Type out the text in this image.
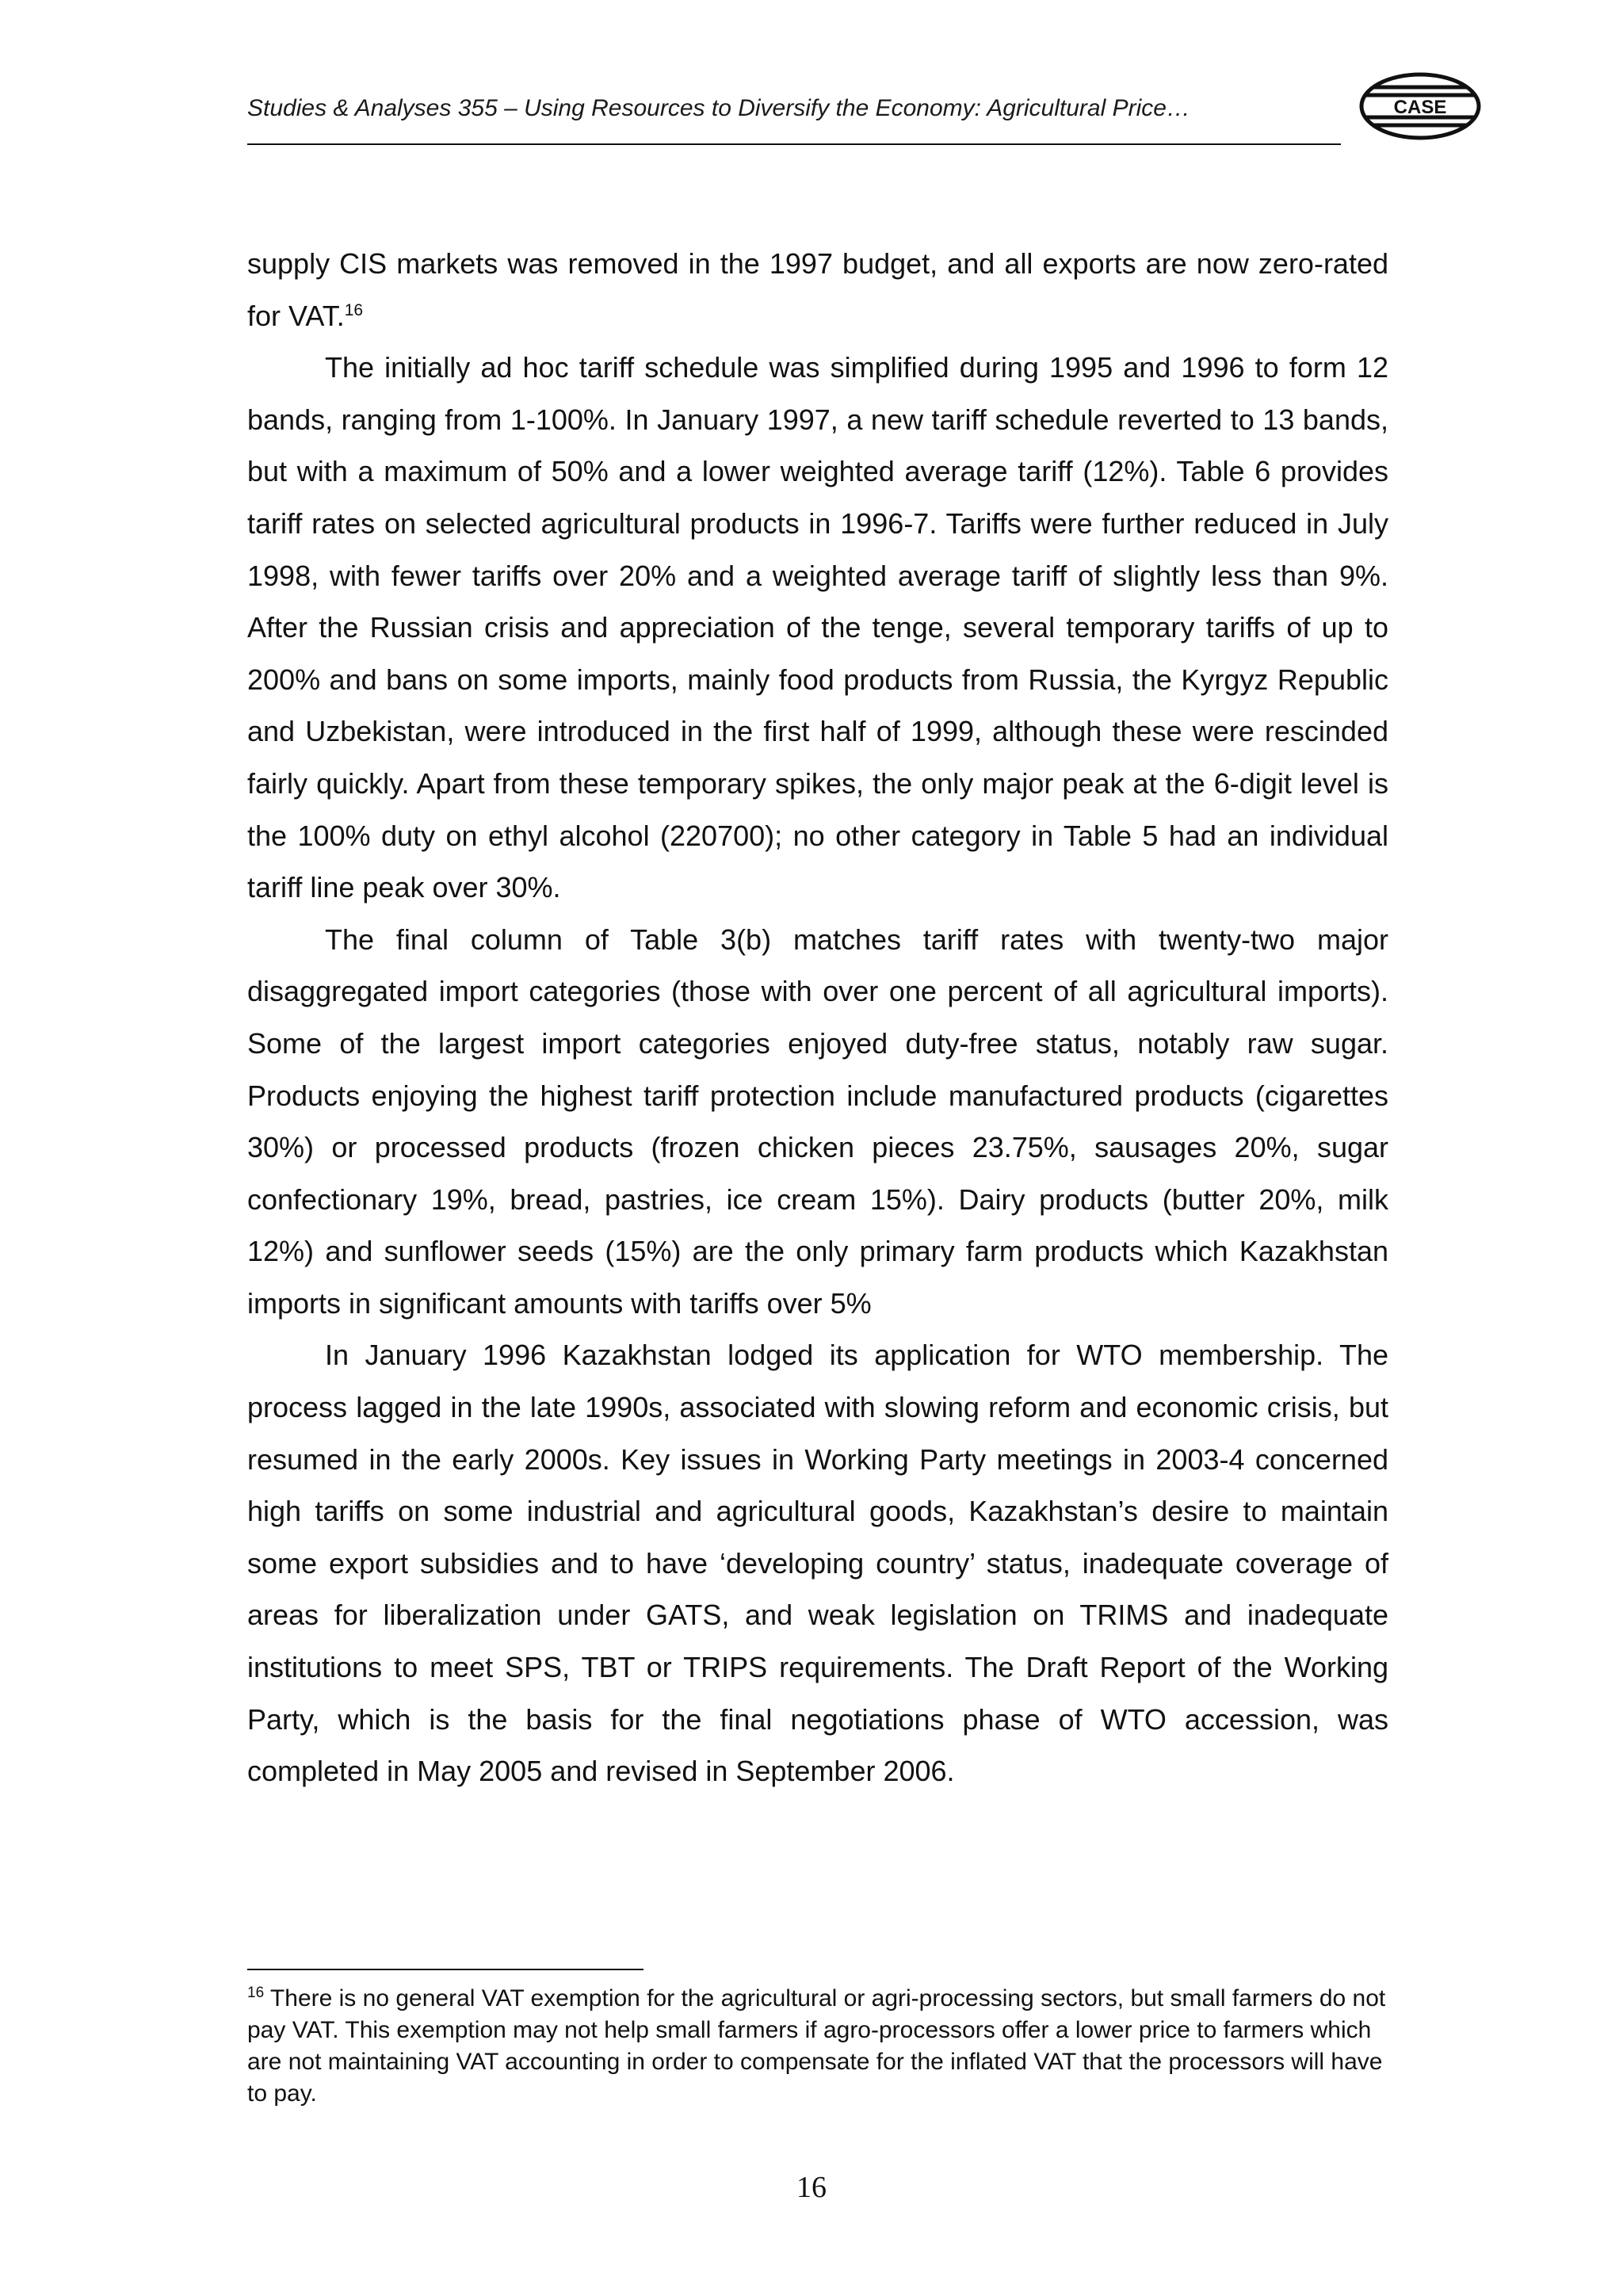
Studies & Analyses 355 – Using Resources to Diversify the Economy: Agricultural Price…	CASE

supply CIS markets was removed in the 1997 budget, and all exports are now zero-rated for VAT.$^{16}$

The initially ad hoc tariff schedule was simplified during 1995 and 1996 to form 12 bands, ranging from 1-100%. In January 1997, a new tariff schedule reverted to 13 bands, but with a maximum of 50% and a lower weighted average tariff (12%). Table 6 provides tariff rates on selected agricultural products in 1996-7. Tariffs were further reduced in July 1998, with fewer tariffs over 20% and a weighted average tariff of slightly less than 9%. After the Russian crisis and appreciation of the tenge, several temporary tariffs of up to 200% and bans on some imports, mainly food products from Russia, the Kyrgyz Republic and Uzbekistan, were introduced in the first half of 1999, although these were rescinded fairly quickly. Apart from these temporary spikes, the only major peak at the 6-digit level is the 100% duty on ethyl alcohol (220700); no other category in Table 5 had an individual tariff line peak over 30%.

The final column of Table 3(b) matches tariff rates with twenty-two major disaggregated import categories (those with over one percent of all agricultural imports). Some of the largest import categories enjoyed duty-free status, notably raw sugar. Products enjoying the highest tariff protection include manufactured products (cigarettes 30%) or processed products (frozen chicken pieces 23.75%, sausages 20%, sugar confectionary 19%, bread, pastries, ice cream 15%). Dairy products (butter 20%, milk 12%) and sunflower seeds (15%) are the only primary farm products which Kazakhstan imports in significant amounts with tariffs over 5%

In January 1996 Kazakhstan lodged its application for WTO membership. The process lagged in the late 1990s, associated with slowing reform and economic crisis, but resumed in the early 2000s. Key issues in Working Party meetings in 2003-4 concerned high tariffs on some industrial and agricultural goods, Kazakhstan’s desire to maintain some export subsidies and to have ‘developing country’ status, inadequate coverage of areas for liberalization under GATS, and weak legislation on TRIMS and inadequate institutions to meet SPS, TBT or TRIPS requirements. The Draft Report of the Working Party, which is the basis for the final negotiations phase of WTO accession, was completed in May 2005 and revised in September 2006.

$^{16}$ There is no general VAT exemption for the agricultural or agri-processing sectors, but small farmers do not pay VAT. This exemption may not help small farmers if agro-processors offer a lower price to farmers which are not maintaining VAT accounting in order to compensate for the inflated VAT that the processors will have to pay.

16
